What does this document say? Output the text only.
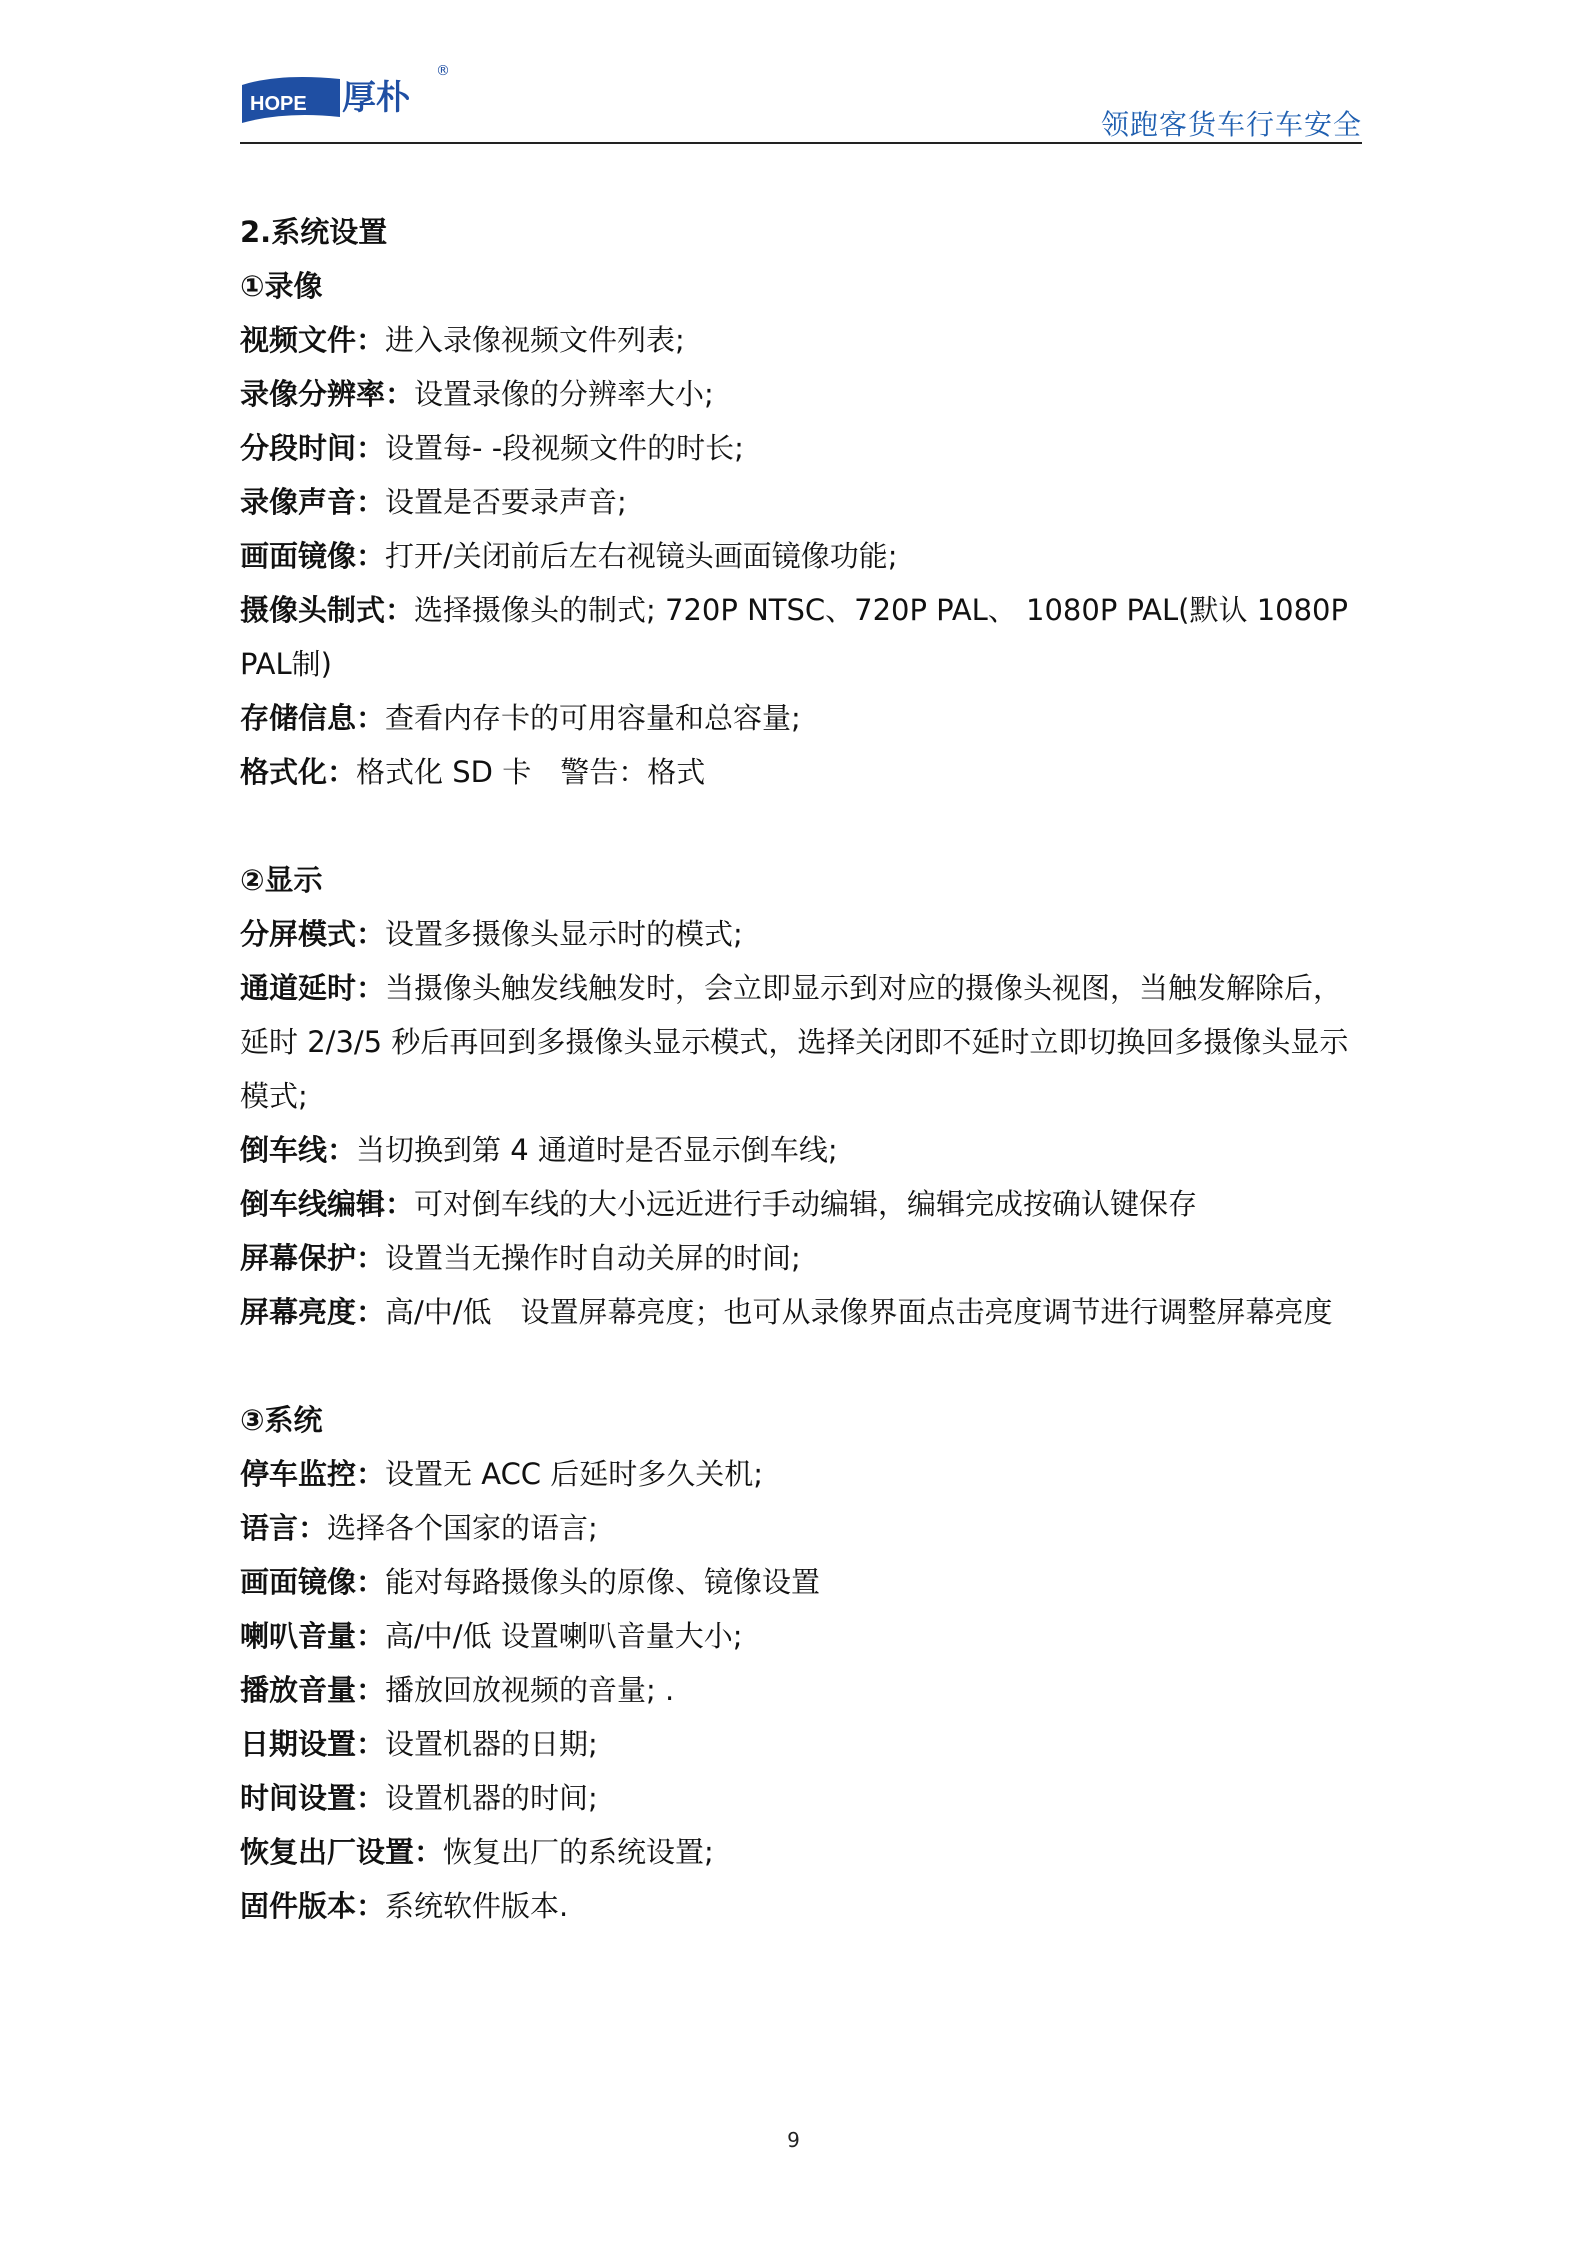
HOPE 厚朴
®
领跑客货车行车安全

2.系统设置

①录像

视频文件：进入录像视频文件列表;

录像分辨率：设置录像的分辨率大小;

分段时间：设置每- -段视频文件的时长;

录像声音：设置是否要录声音;

画面镜像：打开/关闭前后左右视镜头画面镜像功能;

摄像头制式：选择摄像头的制式; 720P NTSC、720P PAL、 1080P PAL(默认 1080P PAL制)

存储信息：查看内存卡的可用容量和总容量;

格式化：格式化 SD 卡　警告：格式

②显示

分屏模式：设置多摄像头显示时的模式;

通道延时：当摄像头触发线触发时，会立即显示到对应的摄像头视图，当触发解除后，延时 2/3/5 秒后再回到多摄像头显示模式，选择关闭即不延时立即切换回多摄像头显示模式;

倒车线：当切换到第 4 通道时是否显示倒车线;

倒车线编辑：可对倒车线的大小远近进行手动编辑，编辑完成按确认键保存

屏幕保护：设置当无操作时自动关屏的时间;

屏幕亮度：高/中/低　设置屏幕亮度；也可从录像界面点击亮度调节进行调整屏幕亮度

③系统

停车监控：设置无 ACC 后延时多久关机;

语言：选择各个国家的语言;

画面镜像：能对每路摄像头的原像、镜像设置

喇叭音量：高/中/低 设置喇叭音量大小;

播放音量：播放回放视频的音量; .

日期设置：设置机器的日期;

时间设置：设置机器的时间;

恢复出厂设置：恢复出厂的系统设置;

固件版本：系统软件版本.

9
